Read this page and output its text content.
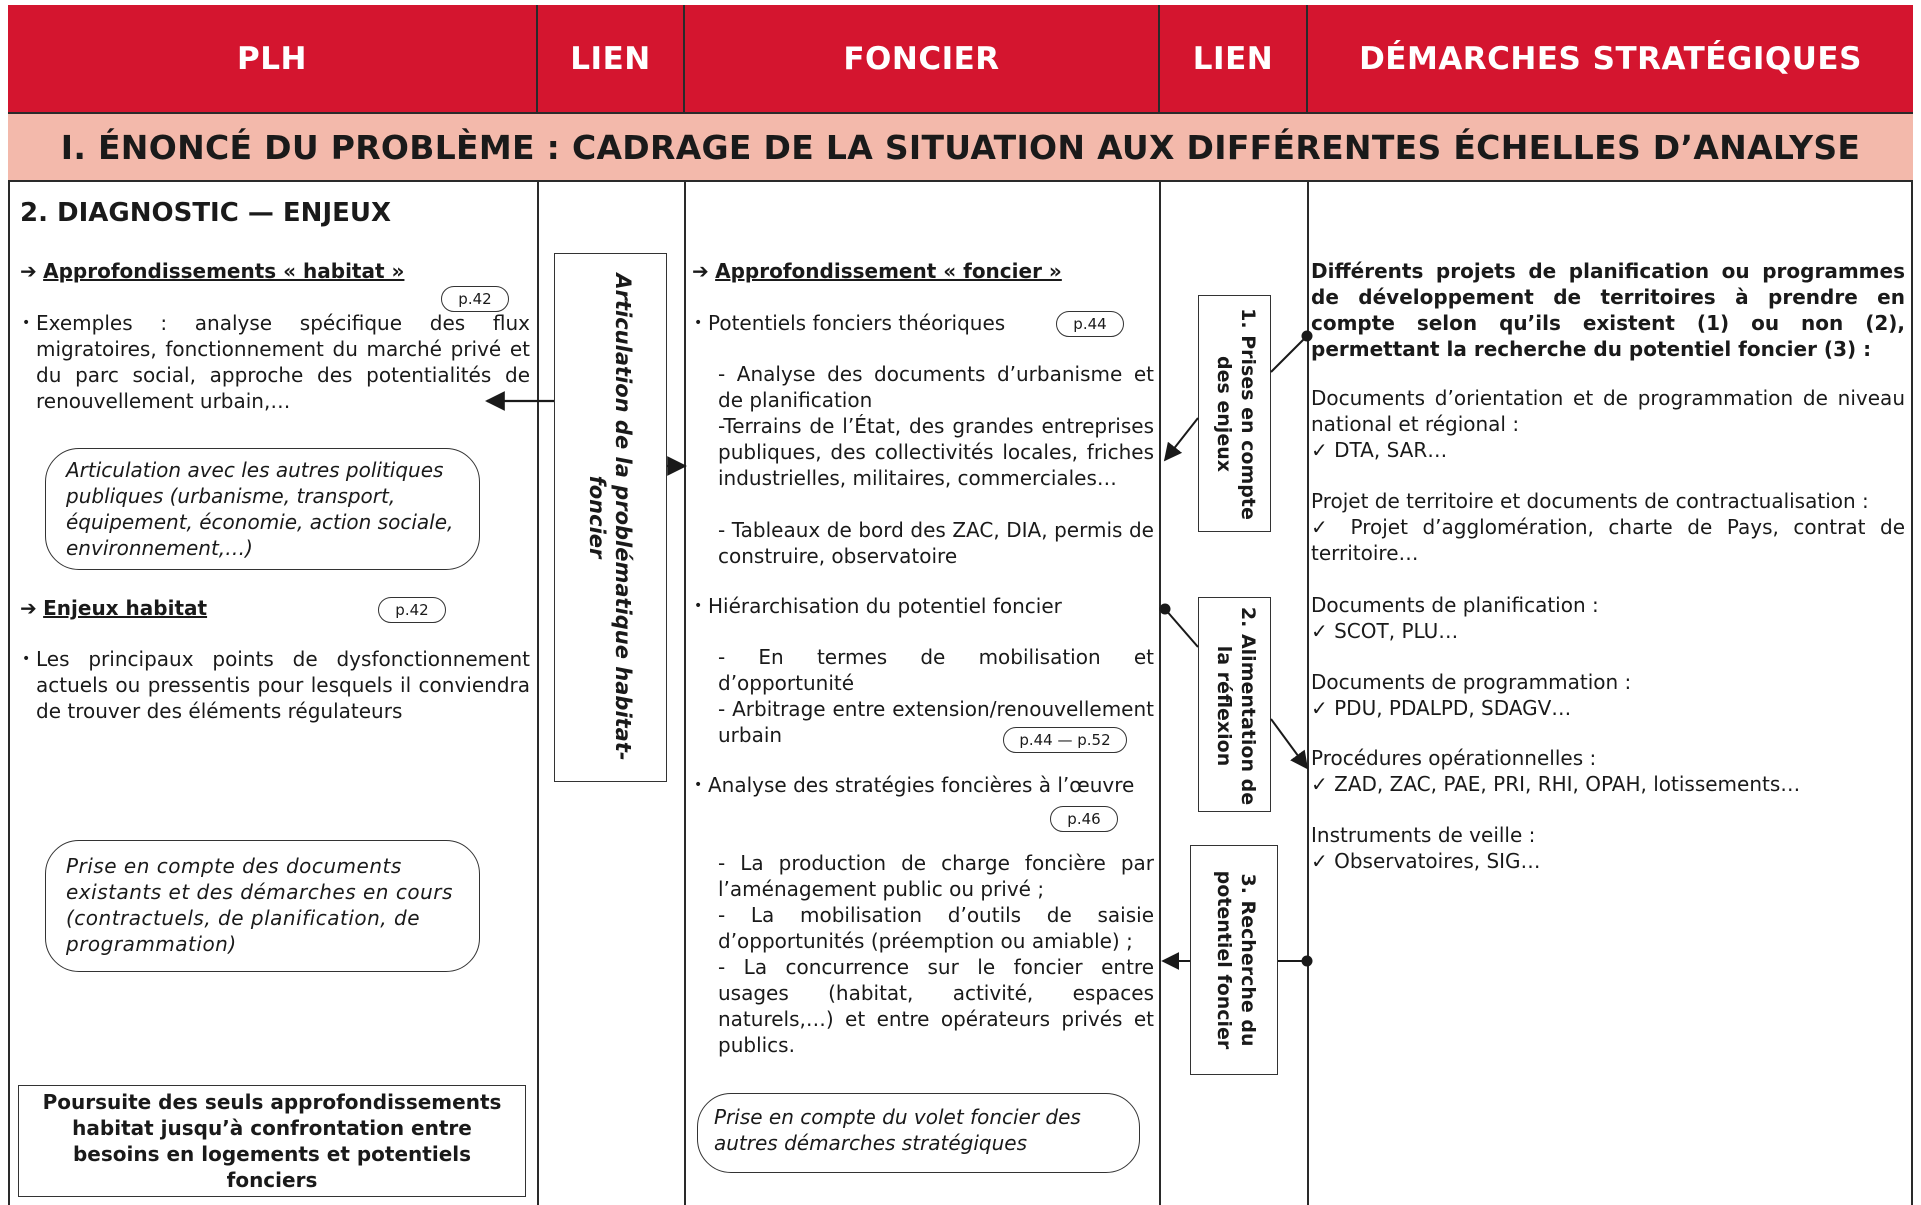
PLH	LIEN	FONCIER	LIEN	DÉMARCHES STRATÉGIQUES
I. ÉNONCÉ DU PROBLÈME : CADRAGE DE LA SITUATION AUX DIFFÉRENTES ÉCHELLES D’ANALYSE
2. DIAGNOSTIC — ENJEUX
➔ Approfondissements « habitat »
p.42
• Exemples : analyse spécifique des flux migratoires, fonctionnement du marché privé et du parc social, approche des potentialités de renouvellement urbain,…
Articulation avec les autres politiques publiques (urbanisme, transport, équipement, économie, action sociale, environnement,…)
➔ Enjeux habitat	p.42
• Les principaux points de dysfonctionnement actuels ou pressentis pour lesquels il conviendra de trouver des éléments régulateurs
Prise en compte des documents existants et des démarches en cours (contractuels, de planification, de programmation)
Poursuite des seuls approfondissements habitat jusqu’à confrontation entre besoins en logements et potentiels fonciers
Articulation de la problématique habitat-foncier
➔ Approfondissement « foncier »
• Potentiels fonciers théoriques	p.44
- Analyse des documents d’urbanisme et de planification
-Terrains de l’État, des grandes entreprises publiques, des collectivités locales, friches industrielles, militaires, commerciales…
- Tableaux de bord des ZAC, DIA, permis de construire, observatoire
• Hiérarchisation du potentiel foncier
- En termes de mobilisation et d’opportunité
- Arbitrage entre extension/renouvellement urbain	p.44 — p.52
• Analyse des stratégies foncières à l’œuvre
p.46
- La production de charge foncière par l’aménagement public ou privé ;
- La mobilisation d’outils de saisie d’opportunités (préemption ou amiable) ;
- La concurrence sur le foncier entre usages (habitat, activité, espaces naturels,…) et entre opérateurs privés et publics.
Prise en compte du volet foncier des autres démarches stratégiques
1. Prises en compte des enjeux
2. Alimentation de la réflexion
3. Recherche du potentiel foncier
Différents projets de planification ou programmes de développement de territoires à prendre en compte selon qu’ils existent (1) ou non (2), permettant la recherche du potentiel foncier (3) :
Documents d’orientation et de programmation de niveau national et régional :
✓ DTA, SAR…
Projet de territoire et documents de contractualisation :
✓ Projet d’agglomération, charte de Pays, contrat de territoire…
Documents de planification :
✓ SCOT, PLU…
Documents de programmation :
✓ PDU, PDALPD, SDAGV…
Procédures opérationnelles :
✓ ZAD, ZAC, PAE, PRI, RHI, OPAH, lotissements…
Instruments de veille :
✓ Observatoires, SIG…
